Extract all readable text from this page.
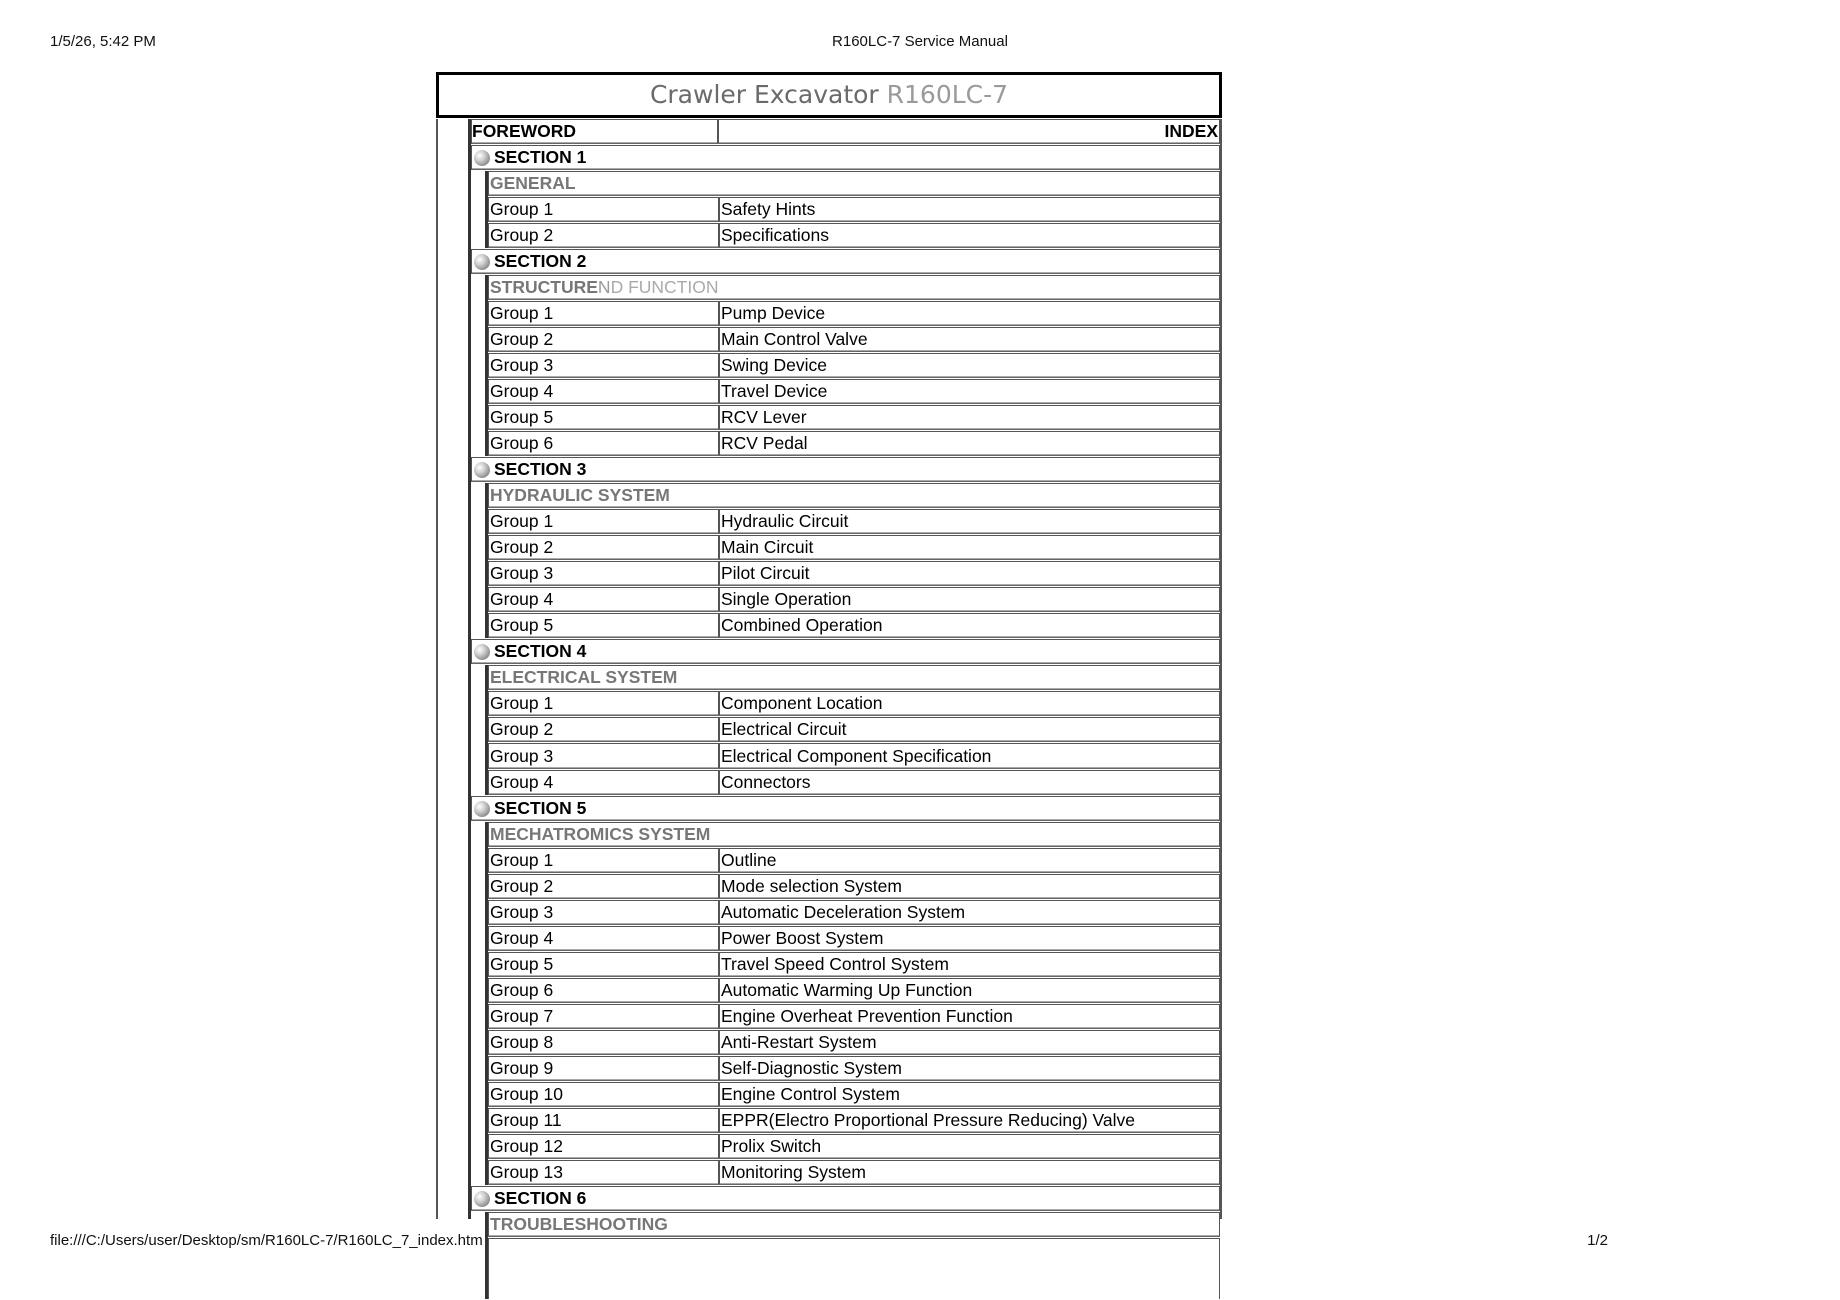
1/5/26, 5:42 PM	R160LC-7 Service Manual
Crawler Excavator R160LC-7
FOREWORD	INDEX
SECTION 1
GENERAL
Group 1	Safety Hints
Group 2	Specifications
SECTION 2
STRUCTUREND FUNCTION
Group 1	Pump Device
Group 2	Main Control Valve
Group 3	Swing Device
Group 4	Travel Device
Group 5	RCV Lever
Group 6	RCV Pedal
SECTION 3
HYDRAULIC SYSTEM
Group 1	Hydraulic Circuit
Group 2	Main Circuit
Group 3	Pilot Circuit
Group 4	Single Operation
Group 5	Combined Operation
SECTION 4
ELECTRICAL SYSTEM
Group 1	Component Location
Group 2	Electrical Circuit
Group 3	Electrical Component Specification
Group 4	Connectors
SECTION 5
MECHATROMICS SYSTEM
Group 1	Outline
Group 2	Mode selection System
Group 3	Automatic Deceleration System
Group 4	Power Boost System
Group 5	Travel Speed Control System
Group 6	Automatic Warming Up Function
Group 7	Engine Overheat Prevention Function
Group 8	Anti-Restart System
Group 9	Self-Diagnostic System
Group 10	Engine Control System
Group 11	EPPR(Electro Proportional Pressure Reducing) Valve
Group 12	Prolix Switch
Group 13	Monitoring System
SECTION 6
TROUBLESHOOTING
file:///C:/Users/user/Desktop/sm/R160LC-7/R160LC_7_index.htm	1/2
